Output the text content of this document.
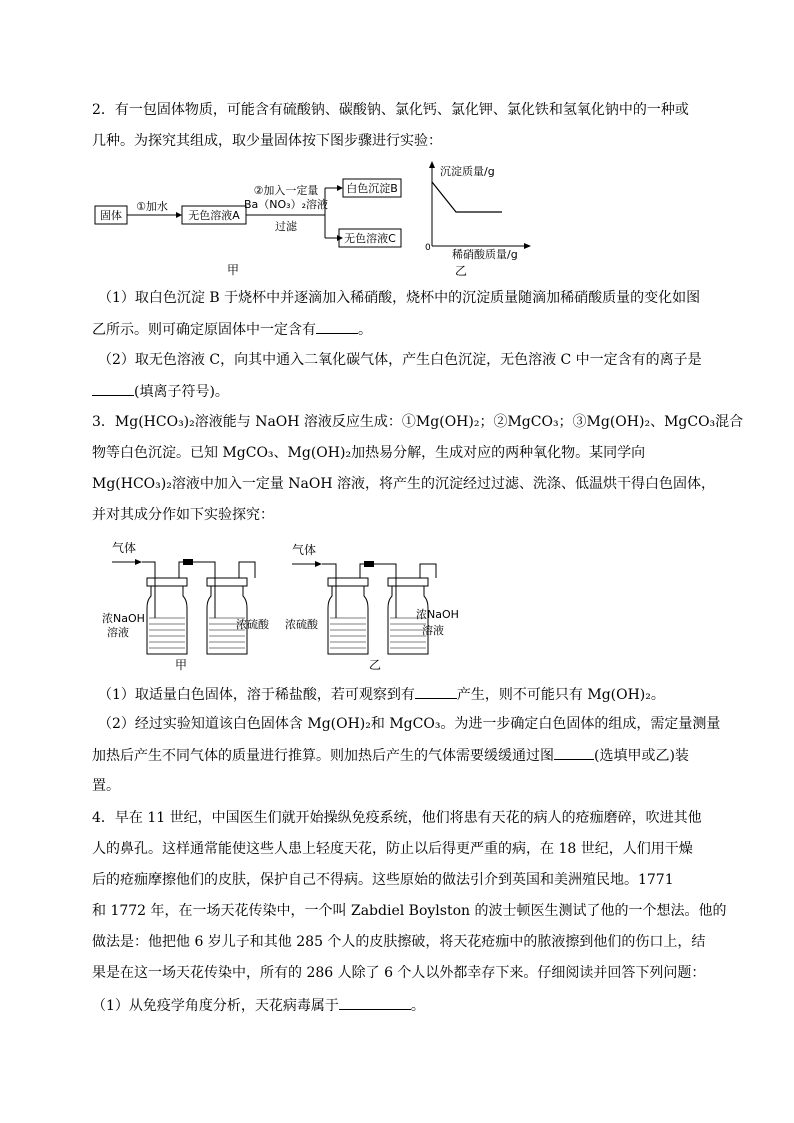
2．有一包固体物质，可能含有硫酸钠、碳酸钠、氯化钙、氯化钾、氯化铁和氢氧化钠中的一种或
几种。为探究其组成，取少量固体按下图步骤进行实验：
固体
①加水
无色溶液A
②加入一定量
Ba（NO₃）₂溶液
过滤
白色沉淀B
无色溶液C
甲
沉淀质量/g
稀硝酸质量/g
0
乙
（1）取白色沉淀 B 于烧杯中并逐滴加入稀硝酸，烧杯中的沉淀质量随滴加稀硝酸质量的变化如图
乙所示。则可确定原固体中一定含有	。
（2）取无色溶液 C，向其中通入二氧化碳气体，产生白色沉淀，无色溶液 C 中一定含有的离子是
(填离子符号)。
3．Mg(HCO₃)₂溶液能与 NaOH 溶液反应生成：①Mg(OH)₂；②MgCO₃；③Mg(OH)₂、MgCO₃混合
物等白色沉淀。已知 MgCO₃、Mg(OH)₂加热易分解，生成对应的两种氧化物。某同学向
Mg(HCO₃)₂溶液中加入一定量 NaOH 溶液，将产生的沉淀经过过滤、洗涤、低温烘干得白色固体，
并对其成分作如下实验探究：
气体
浓NaOH
溶液
浓硫酸
甲
气体
浓硫酸
浓NaOH
溶液
乙
（1）取适量白色固体，溶于稀盐酸，若可观察到有	产生，则不可能只有 Mg(OH)₂。
（2）经过实验知道该白色固体含 Mg(OH)₂和 MgCO₃。为进一步确定白色固体的组成，需定量测量
加热后产生不同气体的质量进行推算。则加热后产生的气体需要缓缓通过图	(选填甲或乙)装
置。
4．早在 11 世纪，中国医生们就开始操纵免疫系统，他们将患有天花的病人的疮痂磨碎，吹进其他
人的鼻孔。这样通常能使这些人患上轻度天花，防止以后得更严重的病，在 18 世纪，人们用干燥
后的疮痂摩擦他们的皮肤，保护自己不得病。这些原始的做法引介到英国和美洲殖民地。1771
和 1772 年，在一场天花传染中，一个叫 Zabdiel Boylston 的波士顿医生测试了他的一个想法。他的
做法是：他把他 6 岁儿子和其他 285 个人的皮肤擦破，将天花疮痂中的脓液擦到他们的伤口上，结
果是在这一场天花传染中，所有的 286 人除了 6 个人以外都幸存下来。仔细阅读并回答下列问题：
（1）从免疫学角度分析，天花病毒属于	。
